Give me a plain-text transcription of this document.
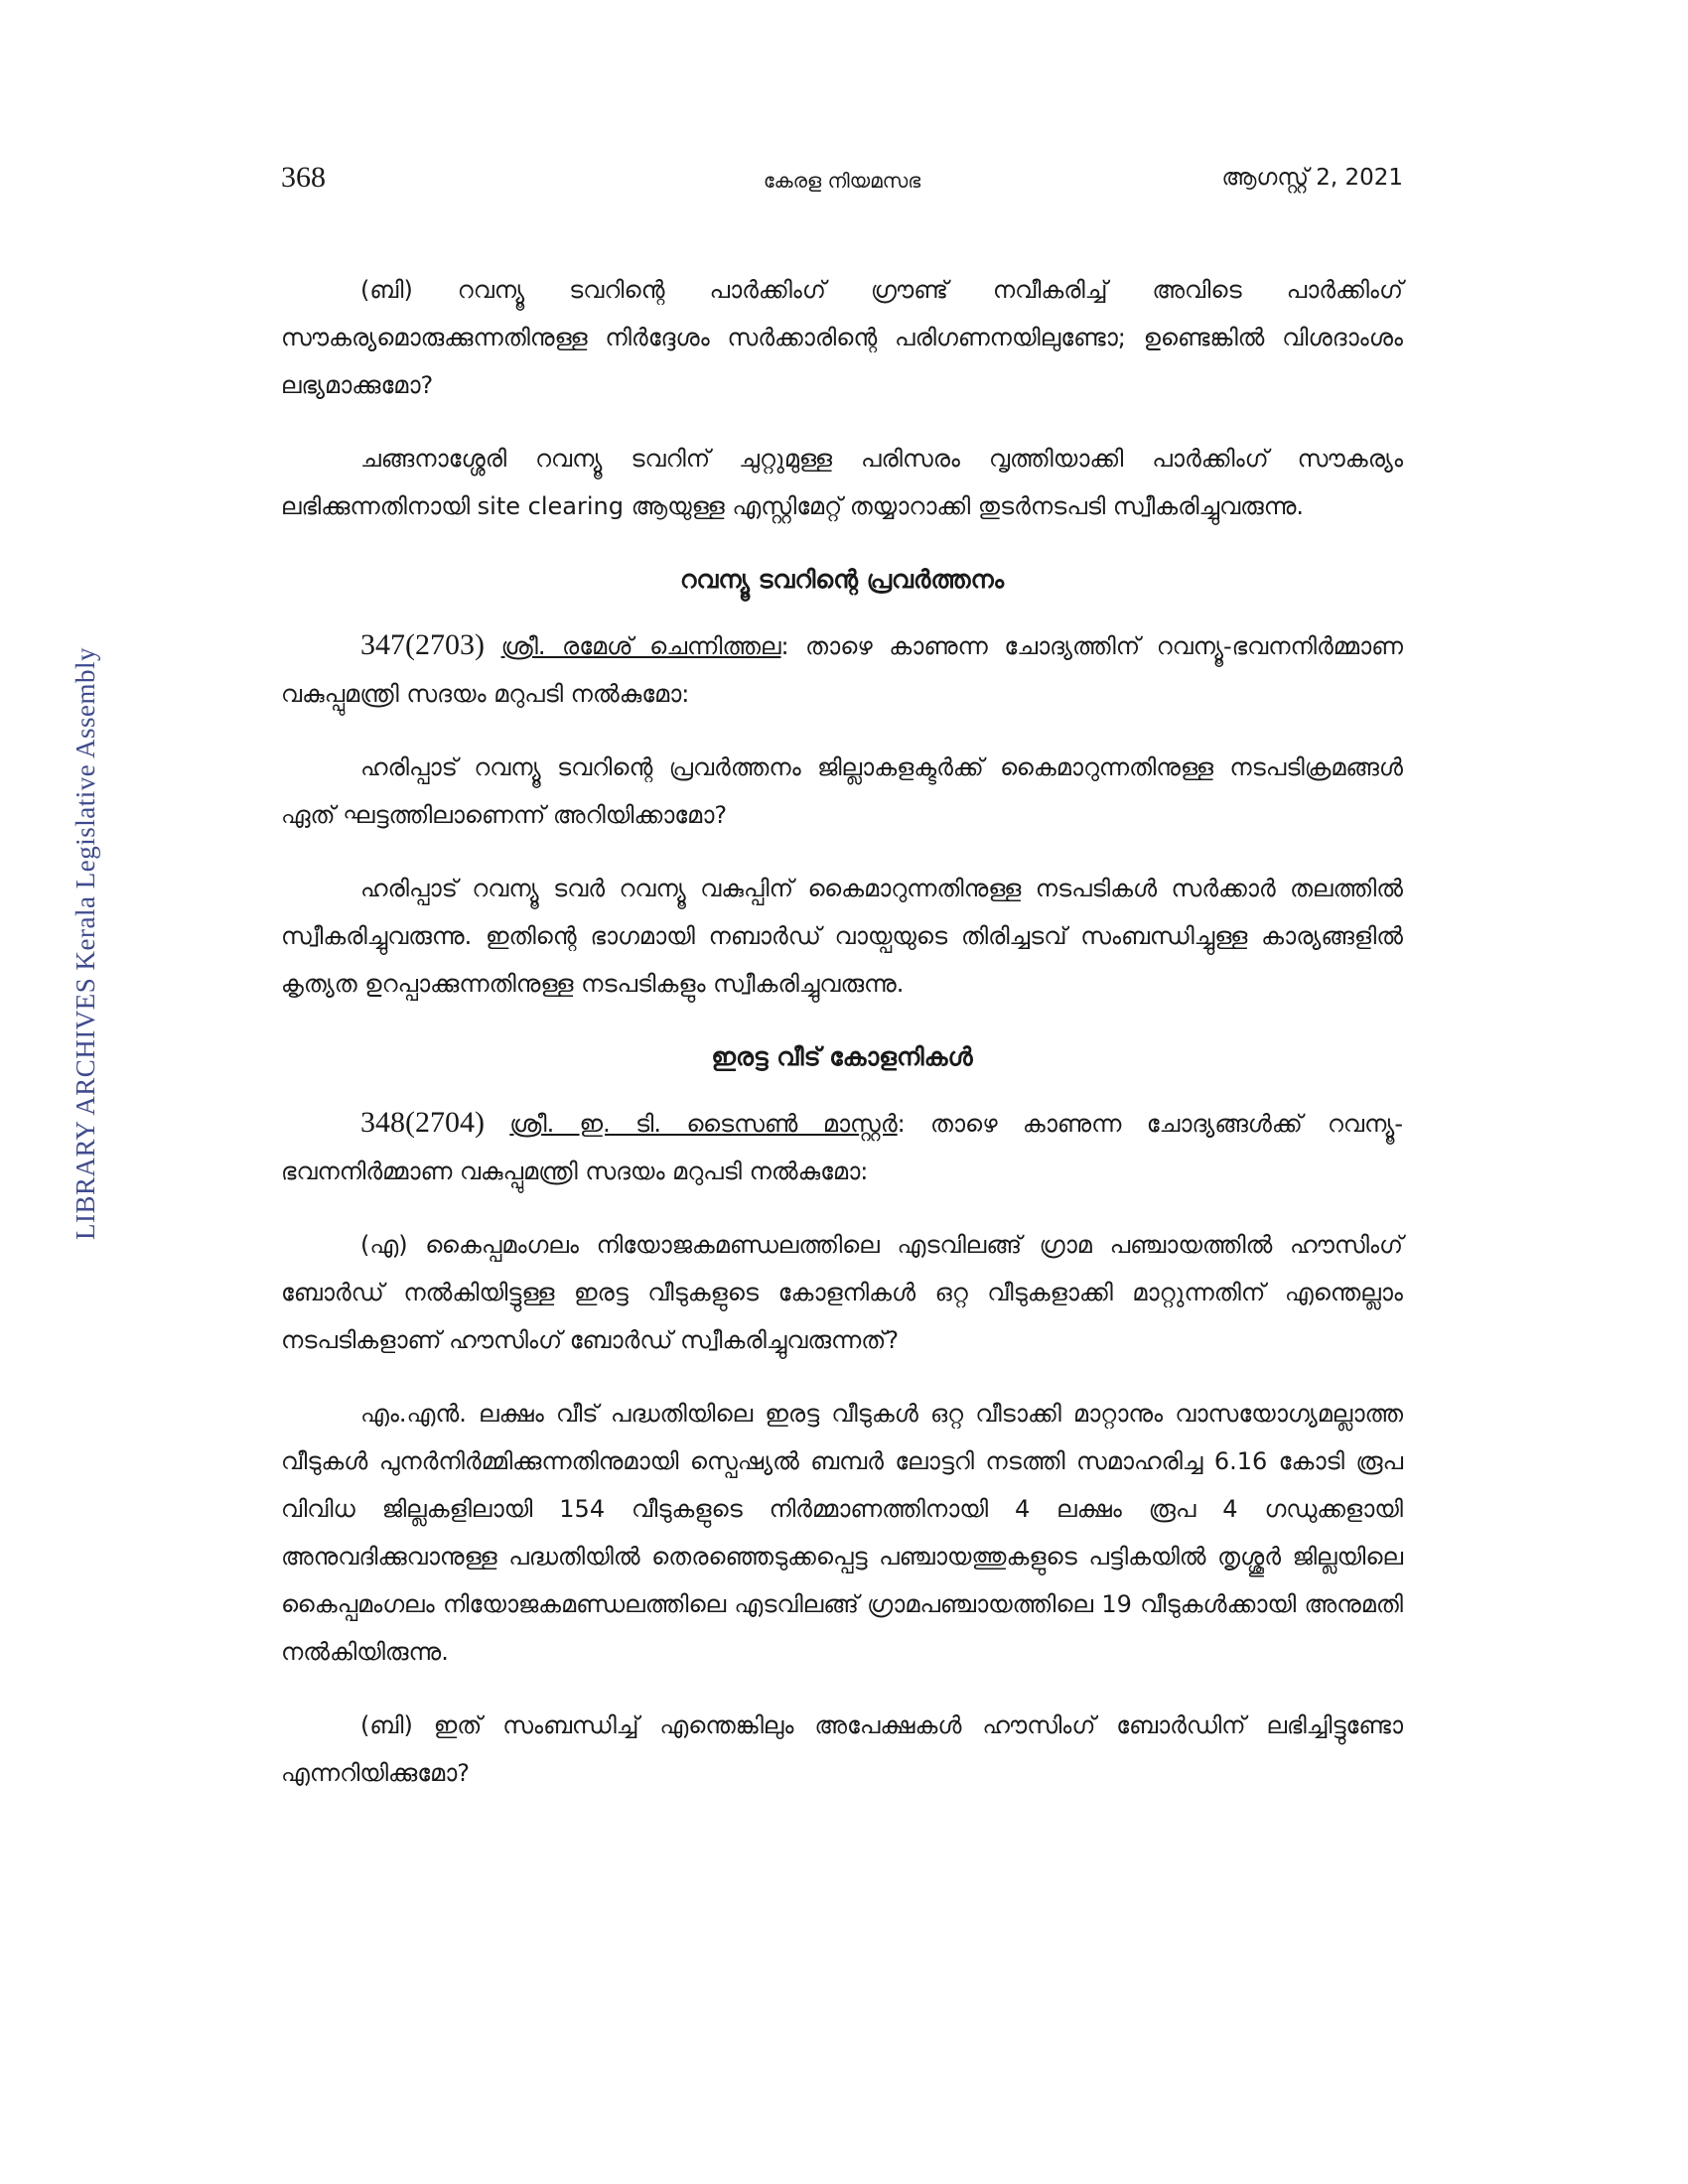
LIBRARY ARCHIVES Kerala Legislative Assembly
368	കേരള നിയമസഭ	ആഗസ്റ്റ് 2, 2021

(ബി) റവന്യൂ ടവറിന്റെ പാർക്കിംഗ് ഗ്രൗണ്ട് നവീകരിച്ച് അവിടെ പാർക്കിംഗ് സൗകര്യമൊരുക്കുന്നതിനുള്ള നിർദ്ദേശം സർക്കാരിന്റെ പരിഗണനയിലുണ്ടോ; ഉണ്ടെങ്കിൽ വിശദാംശം ലഭ്യമാക്കുമോ?

ചങ്ങനാശ്ശേരി റവന്യൂ ടവറിന് ചുറ്റുമുള്ള പരിസരം വൃത്തിയാക്കി പാർക്കിംഗ് സൗകര്യം ലഭിക്കുന്നതിനായി site clearing ആയുള്ള എസ്റ്റിമേറ്റ് തയ്യാറാക്കി തുടർനടപടി സ്വീകരിച്ചുവരുന്നു.

റവന്യൂ ടവറിന്റെ പ്രവർത്തനം

347(2703) ശ്രീ. രമേശ് ചെന്നിത്തല: താഴെ കാണുന്ന ചോദ്യത്തിന് റവന്യൂ-ഭവനനിർമ്മാണ വകുപ്പുമന്ത്രി സദയം മറുപടി നൽകുമോ:

ഹരിപ്പാട് റവന്യൂ ടവറിന്റെ പ്രവർത്തനം ജില്ലാകളക്ടർക്ക് കൈമാറുന്നതിനുള്ള നടപടിക്രമങ്ങൾ ഏത് ഘട്ടത്തിലാണെന്ന് അറിയിക്കാമോ?

ഹരിപ്പാട് റവന്യൂ ടവർ റവന്യൂ വകുപ്പിന് കൈമാറുന്നതിനുള്ള നടപടികൾ സർക്കാർ തലത്തിൽ സ്വീകരിച്ചുവരുന്നു. ഇതിന്റെ ഭാഗമായി നബാർഡ് വായ്പയുടെ തിരിച്ചടവ് സംബന്ധിച്ചുള്ള കാര്യങ്ങളിൽ കൃത്യത ഉറപ്പാക്കുന്നതിനുള്ള നടപടികളും സ്വീകരിച്ചുവരുന്നു.

ഇരട്ട വീട് കോളനികൾ

348(2704) ശ്രീ. ഇ. ടി. ടൈസൺ മാസ്റ്റർ: താഴെ കാണുന്ന ചോദ്യങ്ങൾക്ക് റവന്യൂ-ഭവനനിർമ്മാണ വകുപ്പുമന്ത്രി സദയം മറുപടി നൽകുമോ:

(എ) കൈപ്പമംഗലം നിയോജകമണ്ഡലത്തിലെ എടവിലങ്ങ് ഗ്രാമ പഞ്ചായത്തിൽ ഹൗസിംഗ് ബോർഡ് നൽകിയിട്ടുള്ള ഇരട്ട വീടുകളുടെ കോളനികൾ ഒറ്റ വീടുകളാക്കി മാറ്റുന്നതിന് എന്തെല്ലാം നടപടികളാണ് ഹൗസിംഗ് ബോർഡ് സ്വീകരിച്ചുവരുന്നത്?

എം.എൻ. ലക്ഷം വീട് പദ്ധതിയിലെ ഇരട്ട വീടുകൾ ഒറ്റ വീടാക്കി മാറ്റാനും വാസയോഗ്യമല്ലാത്ത വീടുകൾ പുനർനിർമ്മിക്കുന്നതിനുമായി സ്പെഷ്യൽ ബമ്പർ ലോട്ടറി നടത്തി സമാഹരിച്ച 6.16 കോടി രൂപ വിവിധ ജില്ലകളിലായി 154 വീടുകളുടെ നിർമ്മാണത്തിനായി 4 ലക്ഷം രൂപ 4 ഗഡുക്കളായി അനുവദിക്കുവാനുള്ള പദ്ധതിയിൽ തെരഞ്ഞെടുക്കപ്പെട്ട പഞ്ചായത്തുകളുടെ പട്ടികയിൽ തൃശ്ശൂർ ജില്ലയിലെ കൈപ്പമംഗലം നിയോജകമണ്ഡലത്തിലെ എടവിലങ്ങ് ഗ്രാമപഞ്ചായത്തിലെ 19 വീടുകൾക്കായി അനുമതി നൽകിയിരുന്നു.

(ബി) ഇത് സംബന്ധിച്ച് എന്തെങ്കിലും അപേക്ഷകൾ ഹൗസിംഗ് ബോർഡിന് ലഭിച്ചിട്ടുണ്ടോ എന്നറിയിക്കുമോ?
